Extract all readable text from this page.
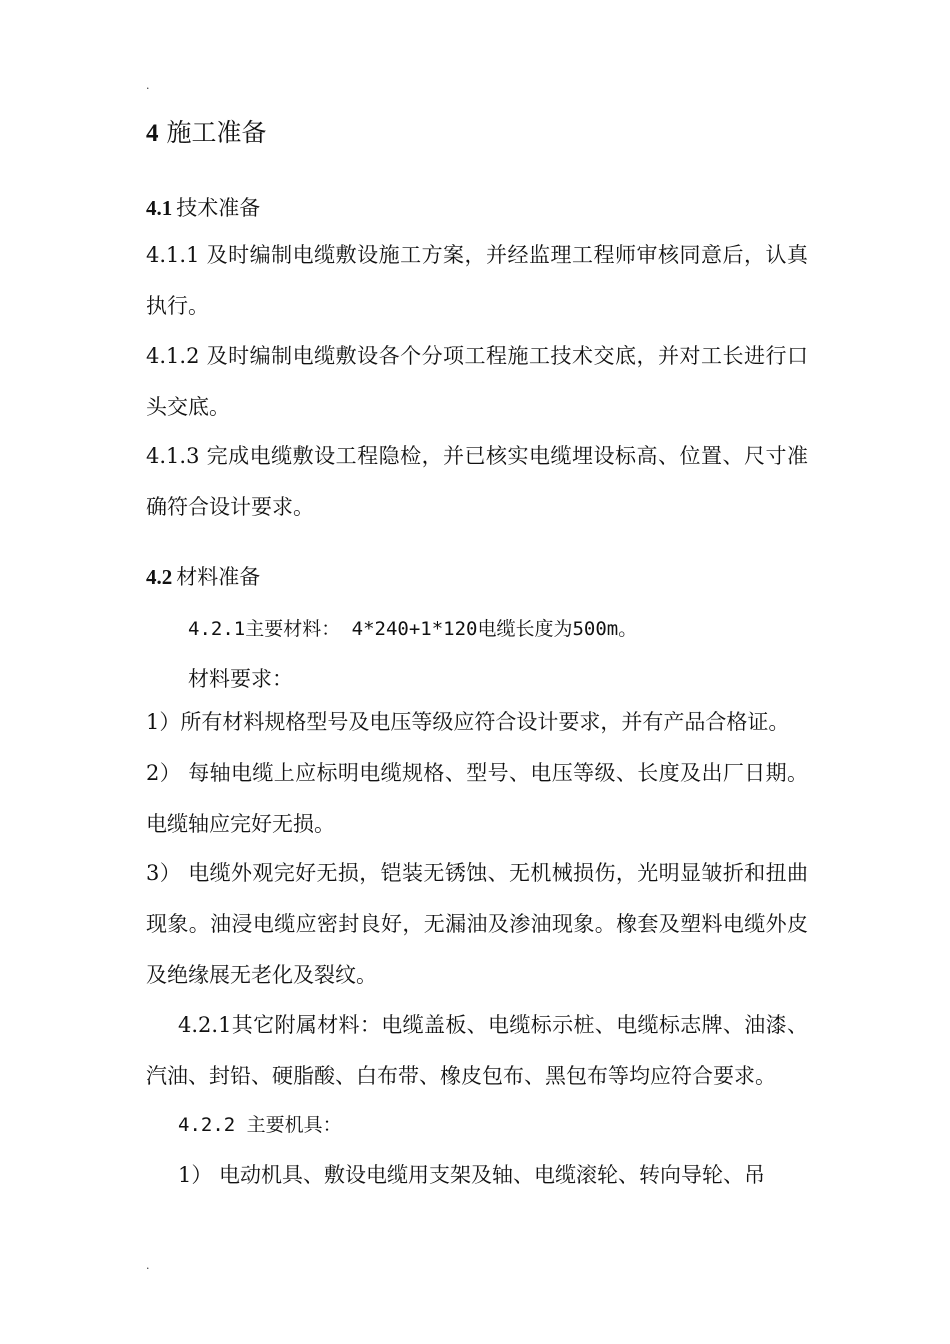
.
4 施工准备
4.1 技术准备
4.1.1 及时编制电缆敷设施工方案，并经监理工程师审核同意后，认真执行。
4.1.2 及时编制电缆敷设各个分项工程施工技术交底，并对工长进行口头交底。
4.1.3 完成电缆敷设工程隐检，并已核实电缆埋设标高、位置、尺寸准确符合设计要求。
4.2 材料准备
4.2.1主要材料： 4*240+1*120电缆长度为500m。
材料要求：
1）所有材料规格型号及电压等级应符合设计要求，并有产品合格证。
2） 每轴电缆上应标明电缆规格、型号、电压等级、长度及出厂日期。电缆轴应完好无损。
3） 电缆外观完好无损，铠装无锈蚀、无机械损伤，光明显皱折和扭曲现象。油浸电缆应密封良好，无漏油及渗油现象。橡套及塑料电缆外皮及绝缘展无老化及裂纹。
4.2.1其它附属材料：电缆盖板、电缆标示桩、电缆标志牌、油漆、汽油、封铅、硬脂酸、白布带、橡皮包布、黑包布等均应符合要求。
4.2.2 主要机具：
1） 电动机具、敷设电缆用支架及轴、电缆滚轮、转向导轮、吊
.
